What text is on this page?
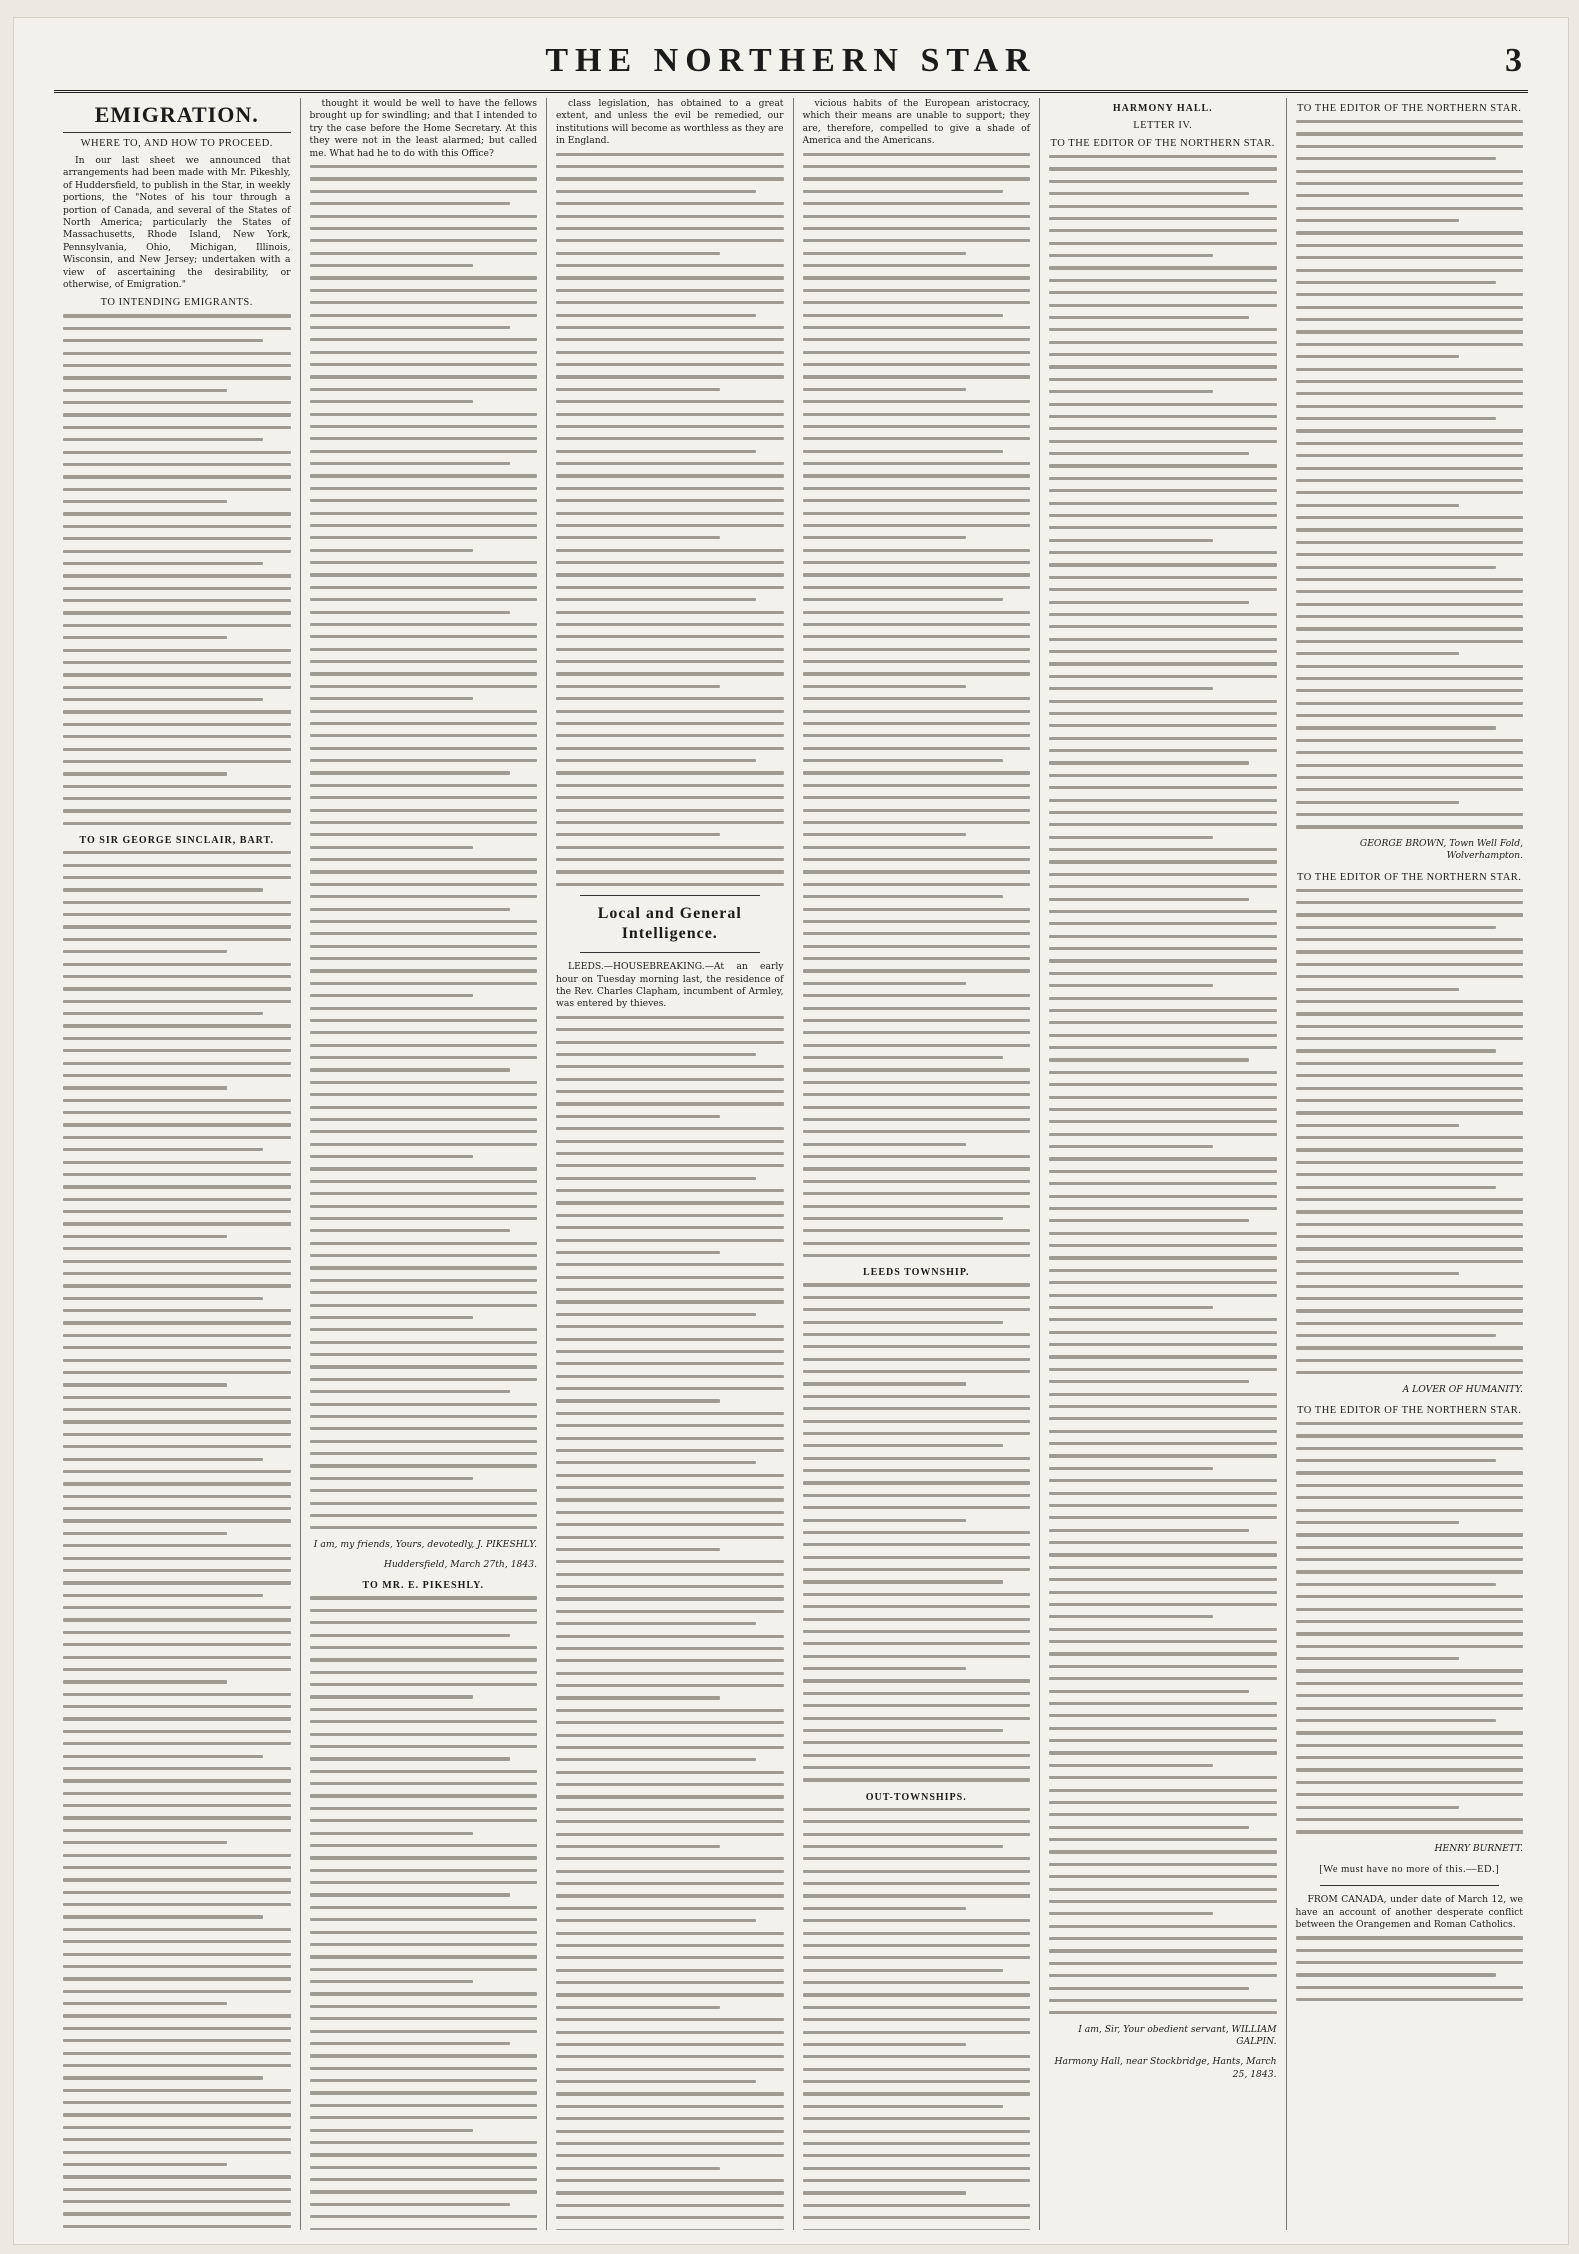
THE NORTHERN STAR	3
EMIGRATION.
WHERE TO, AND HOW TO PROCEED.

In our last sheet we announced that arrangements had been made with Mr. Pikeshly, of Huddersfield, to publish in the Star, in weekly portions, the "Notes of his tour through a portion of Canada, and several of the States of North America; particularly the States of Massachusetts, Rhode Island, New York, Pennsylvania, Ohio, Michigan, Illinois, Wisconsin, and New Jersey; undertaken with a view of ascertaining the desirability, or otherwise, of Emigration."

TO INTENDING EMIGRANTS.
TO SIR GEORGE SINCLAIR, BART.

thought it would be well to have the fellows brought up for swindling; and that I intended to try the case before the Home Secretary. At this they were not in the least alarmed; but called me. What had he to do with this Office?

I am, my friends, Yours, devotedly, J. PIKESHLY.
Huddersfield, March 27th, 1843.
TO MR. E. PIKESHLY.

class legislation, has obtained to a great extent, and unless the evil be remedied, our institutions will become as worthless as they are in England.

Local and General Intelligence.

LEEDS.—HOUSEBREAKING.—At an early hour on Tuesday morning last, the residence of the Rev. Charles Clapham, incumbent of Armley, was entered by thieves.

vicious habits of the European aristocracy, which their means are unable to support; they are, therefore, compelled to give a shade of America and the Americans.

LEEDS TOWNSHIP.
OUT-TOWNSHIPS.
HARMONY HALL.
LETTER IV.
TO THE EDITOR OF THE NORTHERN STAR.
I am, Sir, Your obedient servant, WILLIAM GALPIN.
Harmony Hall, near Stockbridge, Hants, March 25, 1843.
TO THE EDITOR OF THE NORTHERN STAR.
GEORGE BROWN, Town Well Fold, Wolverhampton.
TO THE EDITOR OF THE NORTHERN STAR.
A LOVER OF HUMANITY.
TO THE EDITOR OF THE NORTHERN STAR.
HENRY BURNETT.
[We must have no more of this.—ED.]

FROM CANADA, under date of March 12, we have an account of another desperate conflict between the Orangemen and Roman Catholics.
